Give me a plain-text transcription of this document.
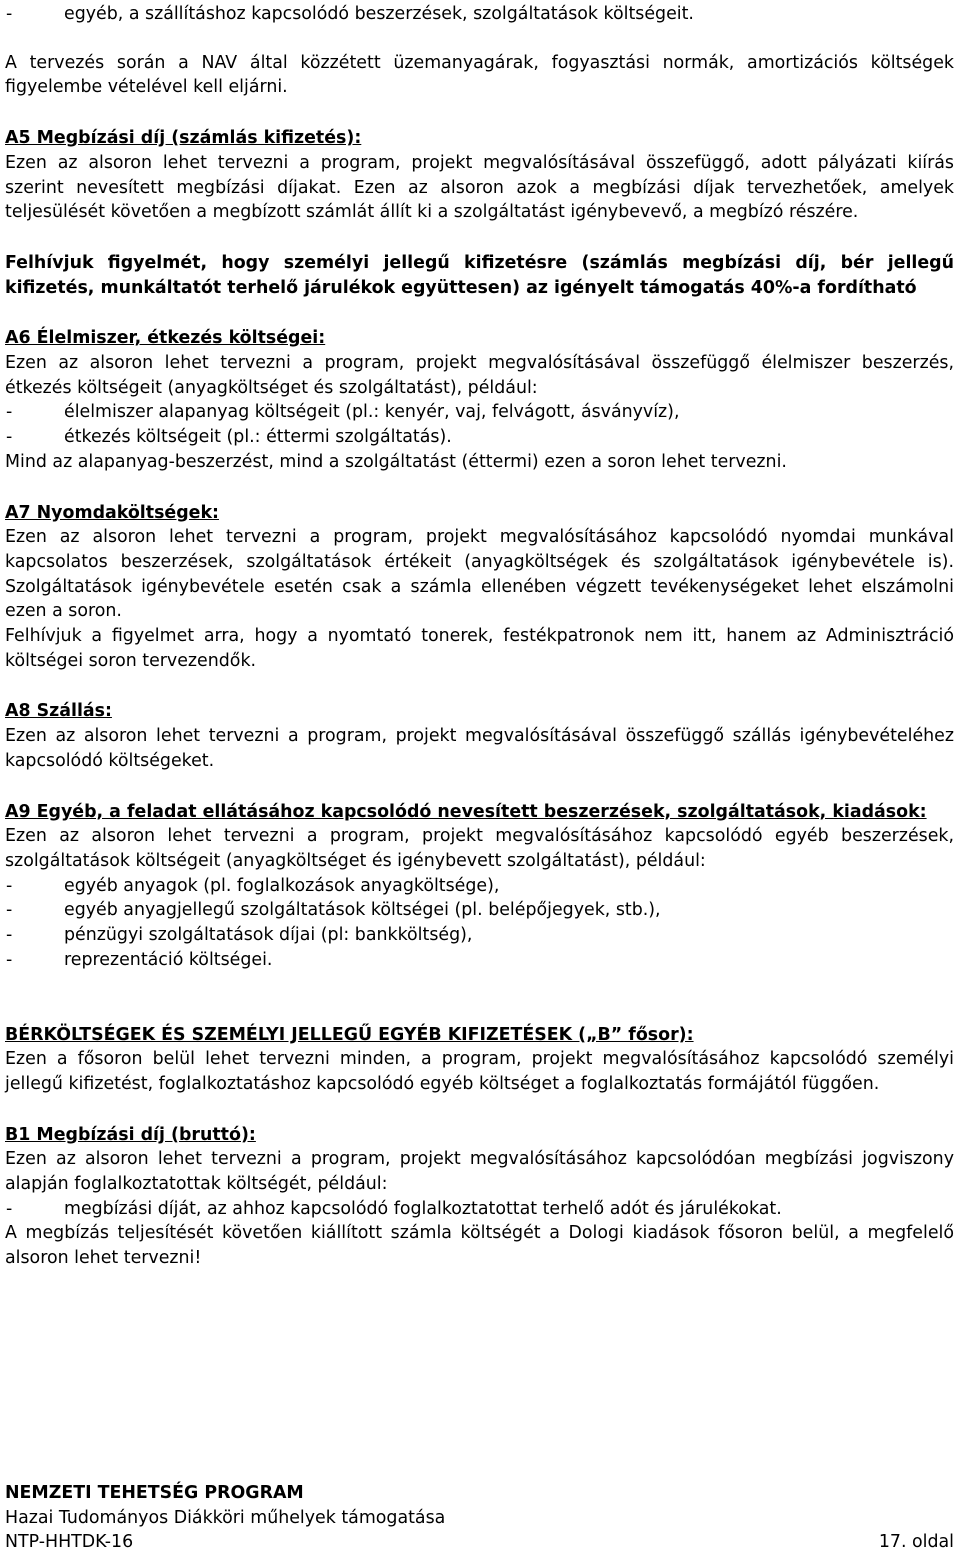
-	egyéb, a szállításhoz kapcsolódó beszerzések, szolgáltatások költségeit.

A tervezés során a NAV által közzétett üzemanyagárak, fogyasztási normák, amortizációs költségek figyelembe vételével kell eljárni.

A5 Megbízási díj (számlás kifizetés):

Ezen az alsoron lehet tervezni a program, projekt megvalósításával összefüggő, adott pályázati kiírás szerint nevesített megbízási díjakat. Ezen az alsoron azok a megbízási díjak tervezhetőek, amelyek teljesülését követően a megbízott számlát állít ki a szolgáltatást igénybevevő, a megbízó részére.

Felhívjuk figyelmét, hogy személyi jellegű kifizetésre (számlás megbízási díj, bér jellegű kifizetés, munkáltatót terhelő járulékok együttesen) az igényelt támogatás 40%-a fordítható

A6 Élelmiszer, étkezés költségei:

Ezen az alsoron lehet tervezni a program, projekt megvalósításával összefüggő élelmiszer beszerzés, étkezés költségeit (anyagköltséget és szolgáltatást), például:

-	élelmiszer alapanyag költségeit (pl.: kenyér, vaj, felvágott, ásványvíz),
-	étkezés költségeit (pl.: éttermi szolgáltatás).

Mind az alapanyag-beszerzést, mind a szolgáltatást (éttermi) ezen a soron lehet tervezni.

A7 Nyomdaköltségek:

Ezen az alsoron lehet tervezni a program, projekt megvalósításához kapcsolódó nyomdai munkával kapcsolatos beszerzések, szolgáltatások értékeit (anyagköltségek és szolgáltatások igénybevétele is). Szolgáltatások igénybevétele esetén csak a számla ellenében végzett tevékenységeket lehet elszámolni ezen a soron.

Felhívjuk a figyelmet arra, hogy a nyomtató tonerek, festékpatronok nem itt, hanem az Adminisztráció költségei soron tervezendők.

A8 Szállás:

Ezen az alsoron lehet tervezni a program, projekt megvalósításával összefüggő szállás igénybevételéhez kapcsolódó költségeket.

A9 Egyéb, a feladat ellátásához kapcsolódó nevesített beszerzések, szolgáltatások, kiadások:

Ezen az alsoron lehet tervezni a program, projekt megvalósításához kapcsolódó egyéb beszerzések, szolgáltatások költségeit (anyagköltséget és igénybevett szolgáltatást), például:

-	egyéb anyagok (pl. foglalkozások anyagköltsége),
-	egyéb anyagjellegű szolgáltatások költségei (pl. belépőjegyek, stb.),
-	pénzügyi szolgáltatások díjai (pl: bankköltség),
-	reprezentáció költségei.

BÉRKÖLTSÉGEK ÉS SZEMÉLYI JELLEGŰ EGYÉB KIFIZETÉSEK („B” fősor):

Ezen a fősoron belül lehet tervezni minden, a program, projekt megvalósításához kapcsolódó személyi jellegű kifizetést, foglalkoztatáshoz kapcsolódó egyéb költséget a foglalkoztatás formájától függően.

B1 Megbízási díj (bruttó):

Ezen az alsoron lehet tervezni a program, projekt megvalósításához kapcsolódóan megbízási jogviszony alapján foglalkoztatottak költségét, például:

-	megbízási díját, az ahhoz kapcsolódó foglalkoztatottat terhelő adót és járulékokat.

A megbízás teljesítését követően kiállított számla költségét a Dologi kiadások fősoron belül, a megfelelő alsoron lehet tervezni!

NEMZETI TEHETSÉG PROGRAM

Hazai Tudományos Diákköri műhelyek támogatása

NTP-HHTDK-16	17. oldal
